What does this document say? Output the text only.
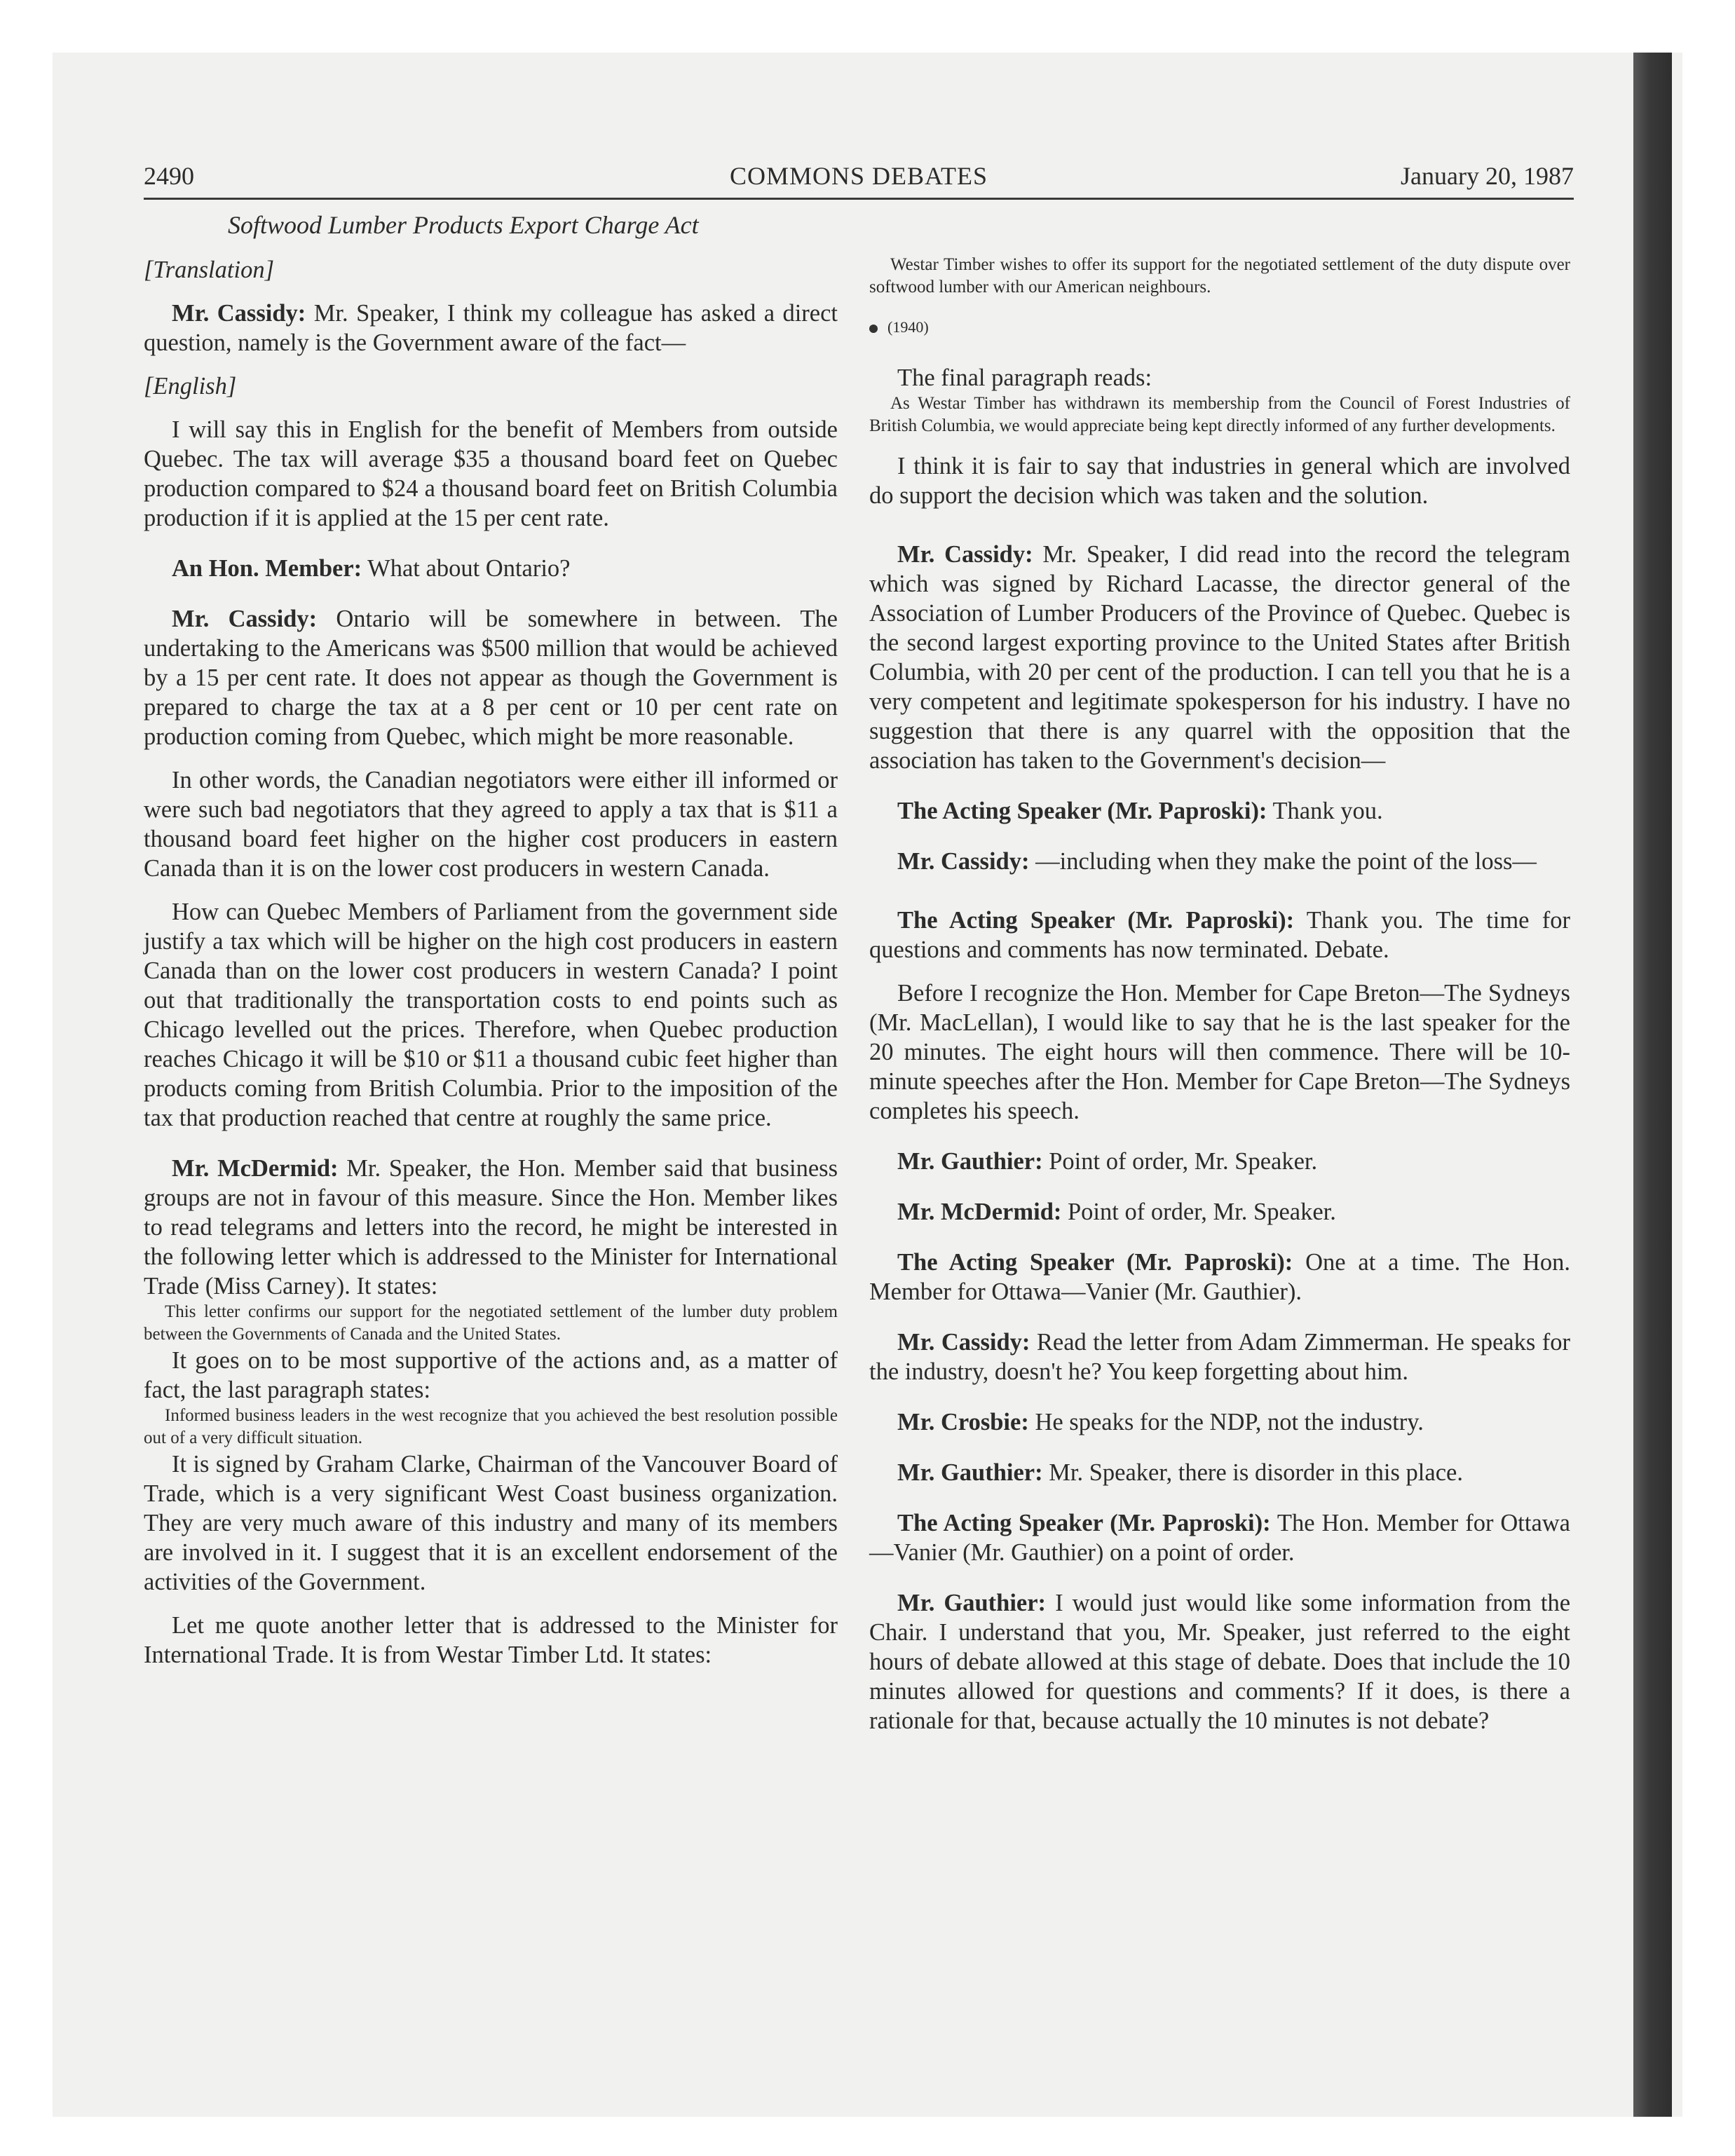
2490	COMMONS DEBATES	January 20, 1987

Softwood Lumber Products Export Charge Act

[Translation]

Mr. Cassidy: Mr. Speaker, I think my colleague has asked a direct question, namely is the Government aware of the fact—

[English]

I will say this in English for the benefit of Members from outside Quebec. The tax will average $35 a thousand board feet on Quebec production compared to $24 a thousand board feet on British Columbia production if it is applied at the 15 per cent rate.

An Hon. Member: What about Ontario?

Mr. Cassidy: Ontario will be somewhere in between. The undertaking to the Americans was $500 million that would be achieved by a 15 per cent rate. It does not appear as though the Government is prepared to charge the tax at a 8 per cent or 10 per cent rate on production coming from Quebec, which might be more reasonable.

In other words, the Canadian negotiators were either ill informed or were such bad negotiators that they agreed to apply a tax that is $11 a thousand board feet higher on the higher cost producers in eastern Canada than it is on the lower cost producers in western Canada.

How can Quebec Members of Parliament from the government side justify a tax which will be higher on the high cost producers in eastern Canada than on the lower cost producers in western Canada? I point out that traditionally the transportation costs to end points such as Chicago levelled out the prices. Therefore, when Quebec production reaches Chicago it will be $10 or $11 a thousand cubic feet higher than products coming from British Columbia. Prior to the imposition of the tax that production reached that centre at roughly the same price.

Mr. McDermid: Mr. Speaker, the Hon. Member said that business groups are not in favour of this measure. Since the Hon. Member likes to read telegrams and letters into the record, he might be interested in the following letter which is addressed to the Minister for International Trade (Miss Carney). It states:

This letter confirms our support for the negotiated settlement of the lumber duty problem between the Governments of Canada and the United States.

It goes on to be most supportive of the actions and, as a matter of fact, the last paragraph states:

Informed business leaders in the west recognize that you achieved the best resolution possible out of a very difficult situation.

It is signed by Graham Clarke, Chairman of the Vancouver Board of Trade, which is a very significant West Coast business organization. They are very much aware of this industry and many of its members are involved in it. I suggest that it is an excellent endorsement of the activities of the Government.

Let me quote another letter that is addressed to the Minister for International Trade. It is from Westar Timber Ltd. It states:

Westar Timber wishes to offer its support for the negotiated settlement of the duty dispute over softwood lumber with our American neighbours.

(1940)

The final paragraph reads:

As Westar Timber has withdrawn its membership from the Council of Forest Industries of British Columbia, we would appreciate being kept directly informed of any further developments.

I think it is fair to say that industries in general which are involved do support the decision which was taken and the solution.

Mr. Cassidy: Mr. Speaker, I did read into the record the telegram which was signed by Richard Lacasse, the director general of the Association of Lumber Producers of the Province of Quebec. Quebec is the second largest exporting province to the United States after British Columbia, with 20 per cent of the production. I can tell you that he is a very competent and legitimate spokesperson for his industry. I have no suggestion that there is any quarrel with the opposition that the association has taken to the Government's decision—

The Acting Speaker (Mr. Paproski): Thank you.

Mr. Cassidy: —including when they make the point of the loss—

The Acting Speaker (Mr. Paproski): Thank you. The time for questions and comments has now terminated. Debate.

Before I recognize the Hon. Member for Cape Breton—The Sydneys (Mr. MacLellan), I would like to say that he is the last speaker for the 20 minutes. The eight hours will then commence. There will be 10-minute speeches after the Hon. Member for Cape Breton—The Sydneys completes his speech.

Mr. Gauthier: Point of order, Mr. Speaker.

Mr. McDermid: Point of order, Mr. Speaker.

The Acting Speaker (Mr. Paproski): One at a time. The Hon. Member for Ottawa—Vanier (Mr. Gauthier).

Mr. Cassidy: Read the letter from Adam Zimmerman. He speaks for the industry, doesn't he? You keep forgetting about him.

Mr. Crosbie: He speaks for the NDP, not the industry.

Mr. Gauthier: Mr. Speaker, there is disorder in this place.

The Acting Speaker (Mr. Paproski): The Hon. Member for Ottawa—Vanier (Mr. Gauthier) on a point of order.

Mr. Gauthier: I would just would like some information from the Chair. I understand that you, Mr. Speaker, just referred to the eight hours of debate allowed at this stage of debate. Does that include the 10 minutes allowed for questions and comments? If it does, is there a rationale for that, because actually the 10 minutes is not debate?
